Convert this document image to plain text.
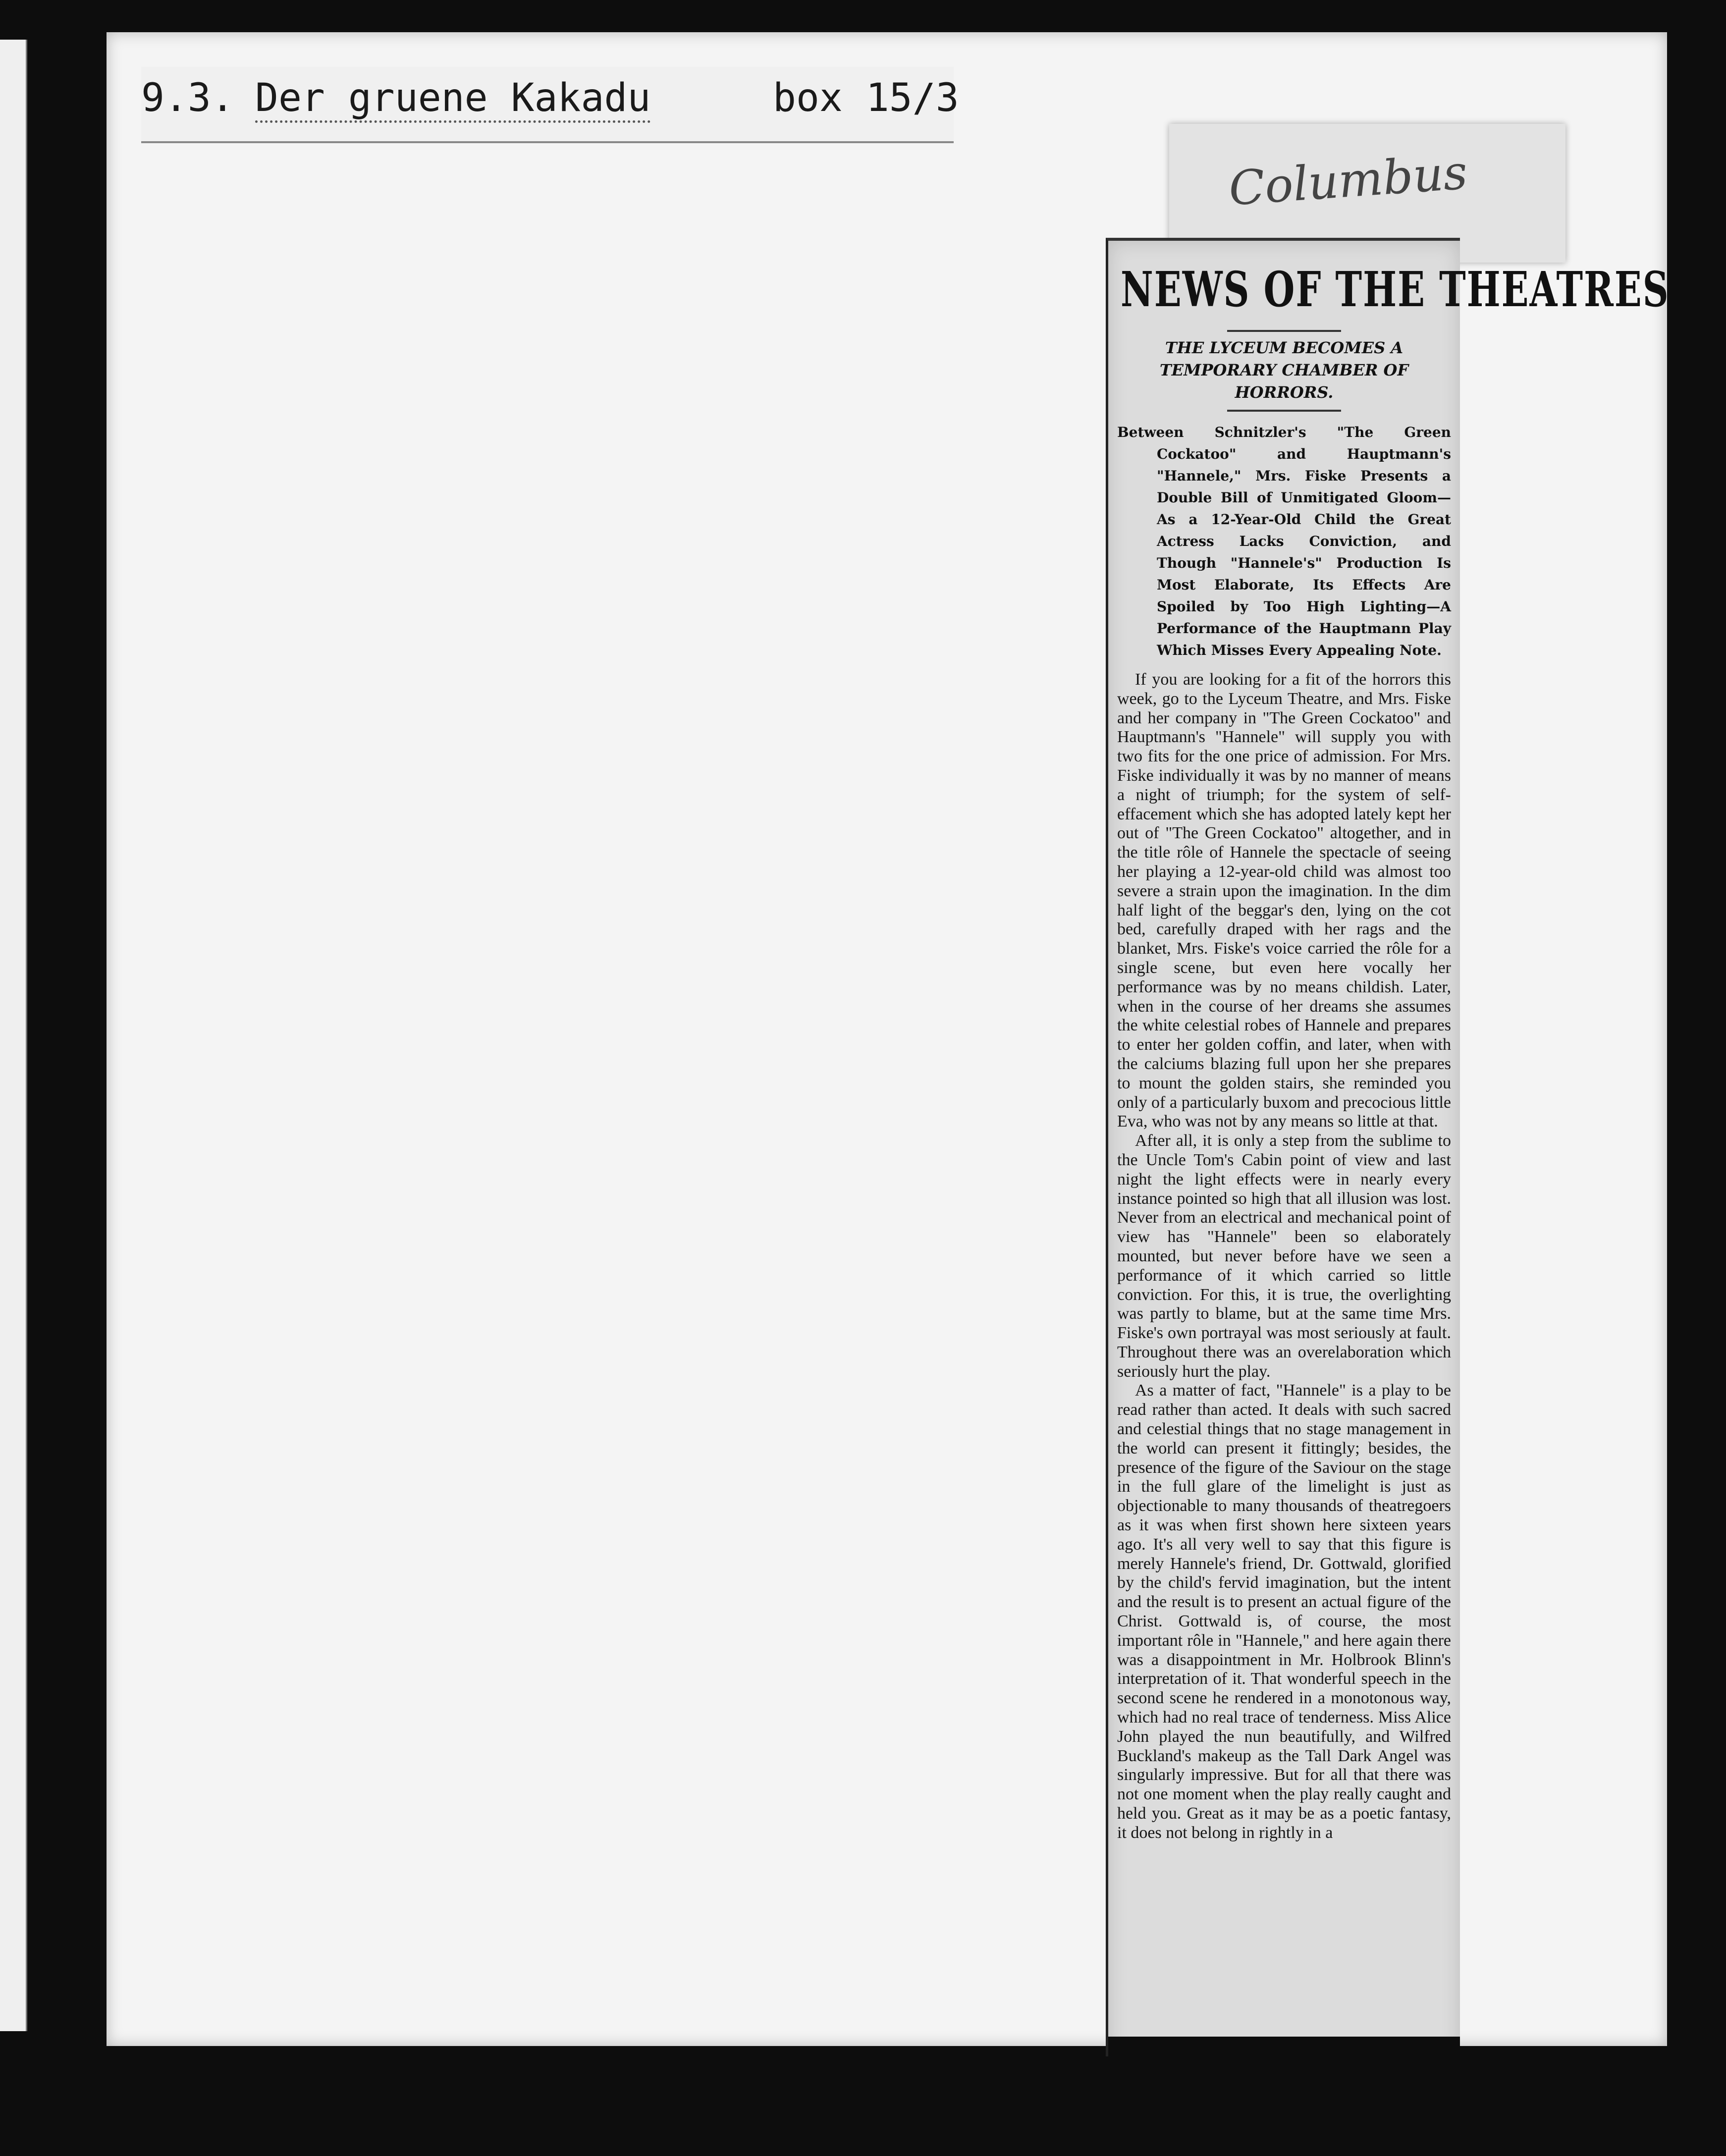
9.3. Der gruene Kakadu	box 15/3
Columbus
NEWS OF THE THEATRES
THE LYCEUM BECOMES A TEMPORARY CHAMBER OF HORRORS.
Between Schnitzler's "The Green Cockatoo" and Hauptmann's "Hannele," Mrs. Fiske Presents a Double Bill of Unmitigated Gloom—As a 12-Year-Old Child the Great Actress Lacks Conviction, and Though "Hannele's" Production Is Most Elaborate, Its Effects Are Spoiled by Too High Lighting—A Performance of the Hauptmann Play Which Misses Every Appealing Note.

If you are looking for a fit of the horrors this week, go to the Lyceum Theatre, and Mrs. Fiske and her company in "The Green Cockatoo" and Hauptmann's "Hannele" will supply you with two fits for the one price of admission. For Mrs. Fiske individually it was by no manner of means a night of triumph; for the system of self-effacement which she has adopted lately kept her out of "The Green Cockatoo" altogether, and in the title rôle of Hannele the spectacle of seeing her playing a 12-year-old child was almost too severe a strain upon the imagination. In the dim half light of the beggar's den, lying on the cot bed, carefully draped with her rags and the blanket, Mrs. Fiske's voice carried the rôle for a single scene, but even here vocally her performance was by no means childish. Later, when in the course of her dreams she assumes the white celestial robes of Hannele and prepares to enter her golden coffin, and later, when with the calciums blazing full upon her she prepares to mount the golden stairs, she reminded you only of a particularly buxom and precocious little Eva, who was not by any means so little at that.

After all, it is only a step from the sublime to the Uncle Tom's Cabin point of view and last night the light effects were in nearly every instance pointed so high that all illusion was lost. Never from an electrical and mechanical point of view has "Hannele" been so elaborately mounted, but never before have we seen a performance of it which carried so little conviction. For this, it is true, the overlighting was partly to blame, but at the same time Mrs. Fiske's own portrayal was most seriously at fault. Throughout there was an overelaboration which seriously hurt the play.

As a matter of fact, "Hannele" is a play to be read rather than acted. It deals with such sacred and celestial things that no stage management in the world can present it fittingly; besides, the presence of the figure of the Saviour on the stage in the full glare of the limelight is just as objectionable to many thousands of theatregoers as it was when first shown here sixteen years ago. It's all very well to say that this figure is merely Hannele's friend, Dr. Gottwald, glorified by the child's fervid imagination, but the intent and the result is to present an actual figure of the Christ. Gottwald is, of course, the most important rôle in "Hannele," and here again there was a disappointment in Mr. Holbrook Blinn's interpretation of it. That wonderful speech in the second scene he rendered in a monotonous way, which had no real trace of tenderness. Miss Alice John played the nun beautifully, and Wilfred Buckland's makeup as the Tall Dark Angel was singularly impressive. But for all that there was not one moment when the play really caught and held you. Great as it may be as a poetic fantasy, it does not belong in rightly in a
